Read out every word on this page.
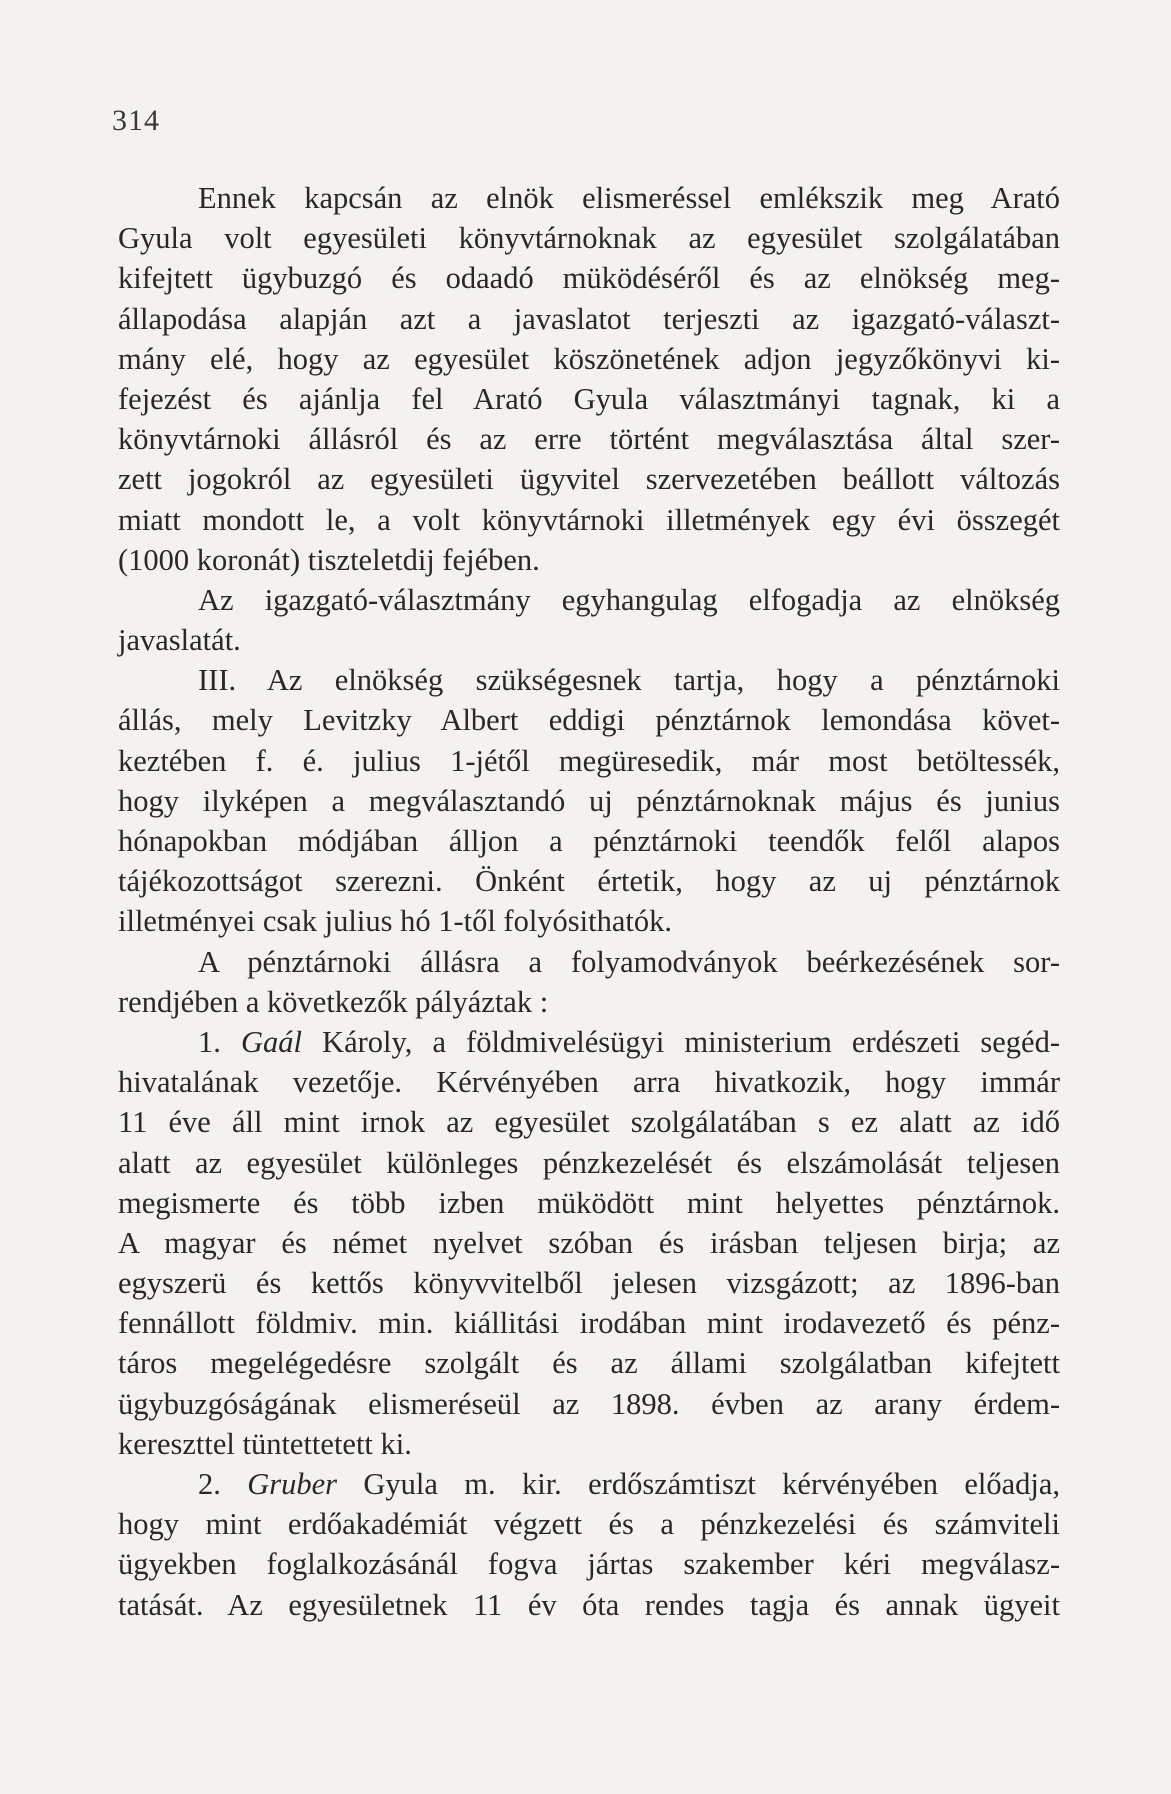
314
Ennek kapcsán az elnök elismeréssel emlékszik meg Arató
Gyula volt egyesületi könyvtárnoknak az egyesület szolgálatában
kifejtett ügybuzgó és odaadó müködéséről és az elnökség meg-
állapodása alapján azt a javaslatot terjeszti az igazgató-választ-
mány elé, hogy az egyesület köszönetének adjon jegyzőkönyvi ki-
fejezést és ajánlja fel Arató Gyula választmányi tagnak, ki a
könyvtárnoki állásról és az erre történt megválasztása által szer-
zett jogokról az egyesületi ügyvitel szervezetében beállott változás
miatt mondott le, a volt könyvtárnoki illetmények egy évi összegét
(1000 koronát) tiszteletdij fejében.
Az igazgató-választmány egyhangulag elfogadja az elnökség
javaslatát.
III. Az elnökség szükségesnek tartja, hogy a pénztárnoki
állás, mely Levitzky Albert eddigi pénztárnok lemondása követ-
keztében f. é. julius 1-jétől megüresedik, már most betöltessék,
hogy ilyképen a megválasztandó uj pénztárnoknak május és junius
hónapokban módjában álljon a pénztárnoki teendők felől alapos
tájékozottságot szerezni. Önként értetik, hogy az uj pénztárnok
illetményei csak julius hó 1-től folyósithatók.
A pénztárnoki állásra a folyamodványok beérkezésének sor-
rendjében a következők pályáztak :
1. Gaál Károly, a földmivelésügyi ministerium erdészeti segéd-
hivatalának vezetője. Kérvényében arra hivatkozik, hogy immár
11 éve áll mint irnok az egyesület szolgálatában s ez alatt az idő
alatt az egyesület különleges pénzkezelését és elszámolását teljesen
megismerte és több izben müködött mint helyettes pénztárnok.
A magyar és német nyelvet szóban és irásban teljesen birja; az
egyszerü és kettős könyvvitelből jelesen vizsgázott; az 1896-ban
fennállott földmiv. min. kiállitási irodában mint irodavezető és pénz-
táros megelégedésre szolgált és az állami szolgálatban kifejtett
ügybuzgóságának elismeréseül az 1898. évben az arany érdem-
kereszttel tüntettetett ki.
2. Gruber Gyula m. kir. erdőszámtiszt kérvényében előadja,
hogy mint erdőakadémiát végzett és a pénzkezelési és számviteli
ügyekben foglalkozásánál fogva jártas szakember kéri megválasz-
tatását. Az egyesületnek 11 év óta rendes tagja és annak ügyeit
